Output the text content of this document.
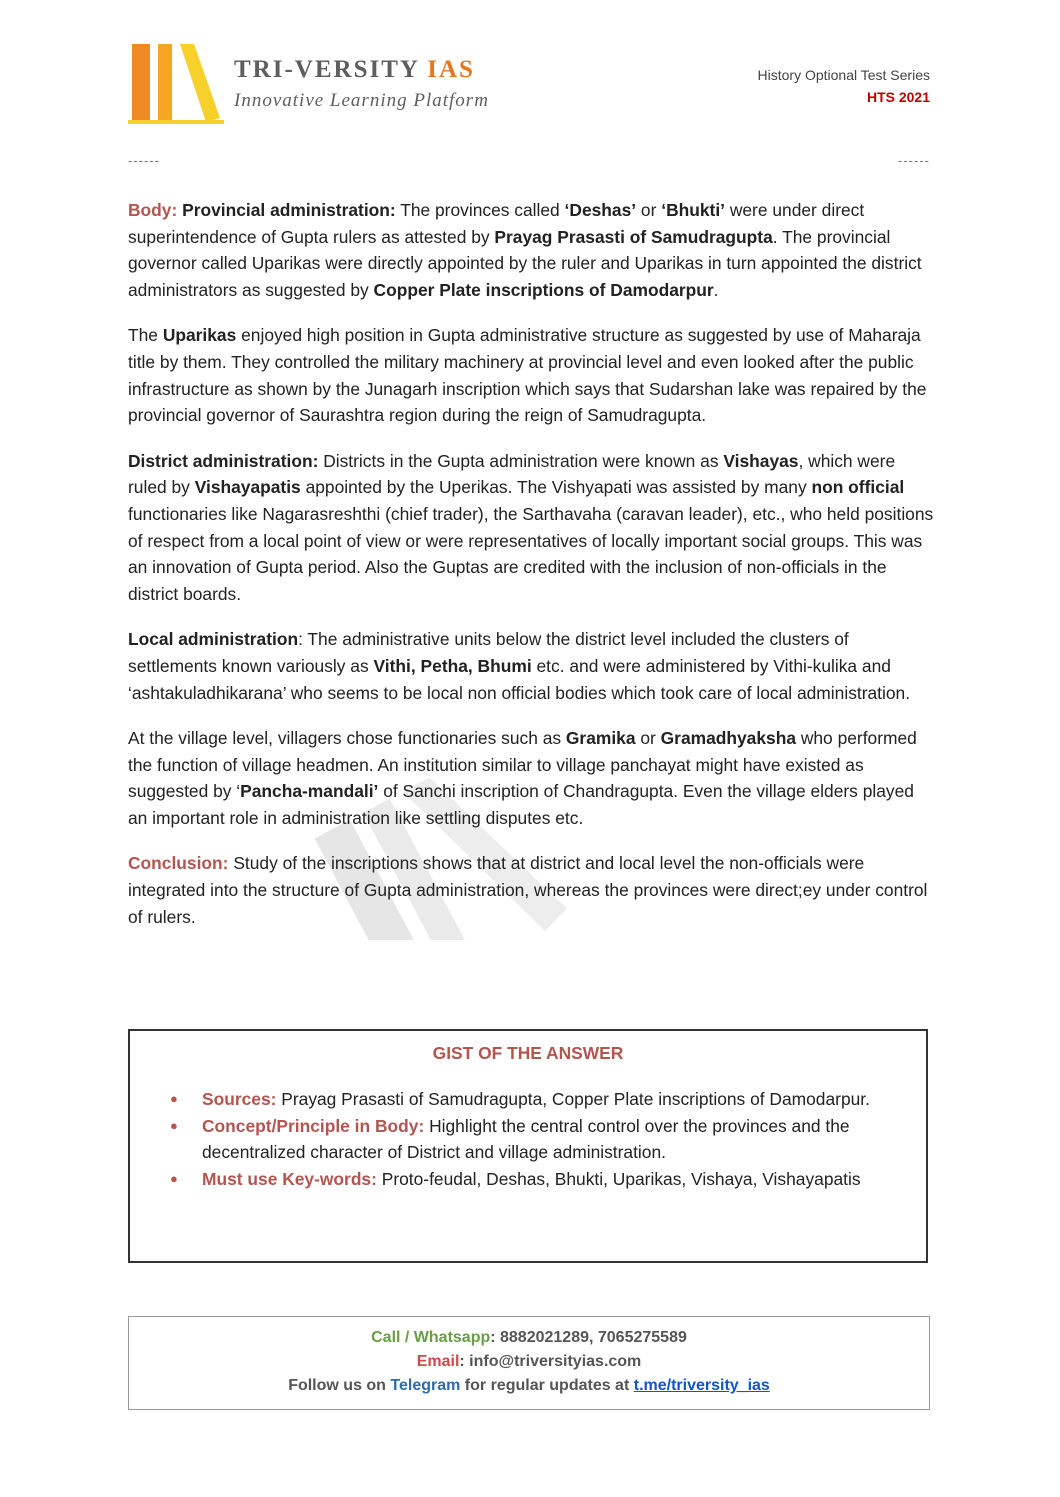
TRI-VERSITY IAS
Innovative Learning Platform
History Optional Test Series
HTS 2021
------	------

Body: Provincial administration: The provinces called ‘Deshas’ or ‘Bhukti’ were under direct superintendence of Gupta rulers as attested by Prayag Prasasti of Samudragupta. The provincial governor called Uparikas were directly appointed by the ruler and Uparikas in turn appointed the district administrators as suggested by Copper Plate inscriptions of Damodarpur.

The Uparikas enjoyed high position in Gupta administrative structure as suggested by use of Maharaja title by them. They controlled the military machinery at provincial level and even looked after the public infrastructure as shown by the Junagarh inscription which says that Sudarshan lake was repaired by the provincial governor of Saurashtra region during the reign of Samudragupta.

District administration: Districts in the Gupta administration were known as Vishayas, which were ruled by Vishayapatis appointed by the Uperikas. The Vishyapati was assisted by many non official functionaries like Nagarasreshthi (chief trader), the Sarthavaha (caravan leader), etc., who held positions of respect from a local point of view or were representatives of locally important social groups. This was an innovation of Gupta period. Also the Guptas are credited with the inclusion of non-officials in the district boards.

Local administration: The administrative units below the district level included the clusters of settlements known variously as Vithi, Petha, Bhumi etc. and were administered by Vithi-kulika and ‘ashtakuladhikarana’ who seems to be local non official bodies which took care of local administration.

At the village level, villagers chose functionaries such as Gramika or Gramadhyaksha who performed the function of village headmen. An institution similar to village panchayat might have existed as suggested by ‘Pancha-mandali’ of Sanchi inscription of Chandragupta. Even the village elders played an important role in administration like settling disputes etc.

Conclusion: Study of the inscriptions shows that at district and local level the non-officials were integrated into the structure of Gupta administration, whereas the provinces were direct;ey under control of rulers.

GIST OF THE ANSWER
● Sources: Prayag Prasasti of Samudragupta, Copper Plate inscriptions of Damodarpur.
● Concept/Principle in Body: Highlight the central control over the provinces and the decentralized character of District and village administration.
● Must use Key-words: Proto-feudal, Deshas, Bhukti, Uparikas, Vishaya, Vishayapatis
Call / Whatsapp: 8882021289, 7065275589
Email: info@triversityias.com
Follow us on Telegram for regular updates at t.me/triversity_ias
